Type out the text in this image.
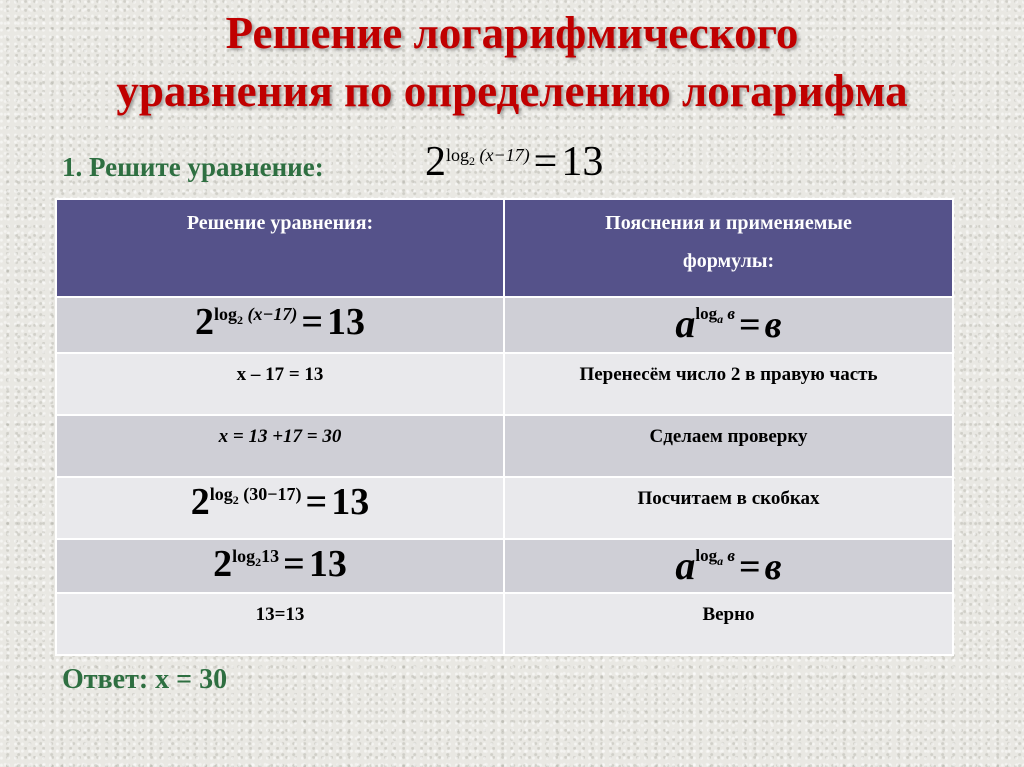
Решение логарифмического
уравнения по определению логарифма
1. Решите уравнение: $2^{log_2 (x-17)}=13$
Решение уравнения:	Пояснения и применяемые
формулы:

$2^{log_2 (x-17)} = 13$	$a^{log_a в} = в$
x – 17 = 13	Перенесём число 2 в правую часть
x = 13 +17 = 30	Сделаем проверку
$2^{log_2 (30-17)} = 13$	Посчитаем в скобках
$2^{log_213} = 13$	$a^{log_a в} = в$
13=13	Верно
Ответ: x = 30
